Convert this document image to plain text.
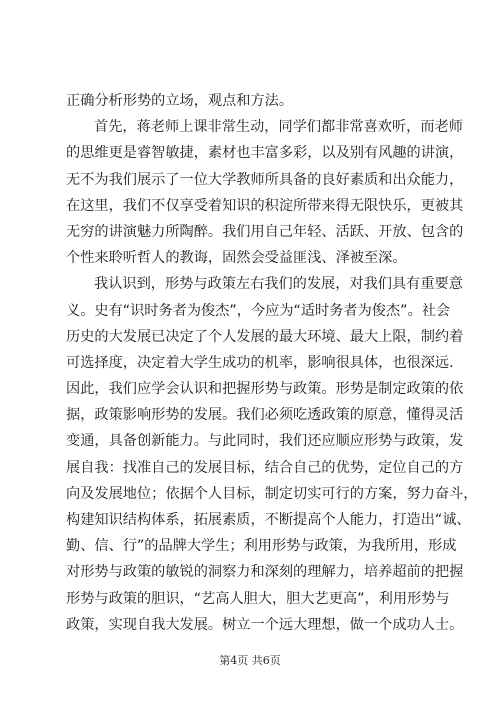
正确分析形势的立场，观点和方法。
首先，蒋老师上课非常生动，同学们都非常喜欢听，而老师
的思维更是睿智敏捷，素材也丰富多彩，以及别有风趣的讲演，
无不为我们展示了一位大学教师所具备的良好素质和出众能力，
在这里，我们不仅享受着知识的积淀所带来得无限快乐，更被其
无穷的讲演魅力所陶醉。我们用自己年轻、活跃、开放、包含的
个性来聆听哲人的教诲，固然会受益匪浅、泽被至深。
我认识到，形势与政策左右我们的发展，对我们具有重要意
义。史有“识时务者为俊杰”，今应为“适时务者为俊杰”。社会
历史的大发展已决定了个人发展的最大环境、最大上限，制约着
可选择度，决定着大学生成功的机率，影响很具体，也很深远.
因此，我们应学会认识和把握形势与政策。形势是制定政策的依
据，政策影响形势的发展。我们必须吃透政策的原意，懂得灵活
变通，具备创新能力。与此同时，我们还应顺应形势与政策，发
展自我：找准自己的发展目标，结合自己的优势，定位自己的方
向及发展地位；依据个人目标，制定切实可行的方案，努力奋斗，
构建知识结构体系，拓展素质，不断提高个人能力，打造出“诚、
勤、信、行”的品牌大学生；利用形势与政策，为我所用，形成
对形势与政策的敏锐的洞察力和深刻的理解力，培养超前的把握
形势与政策的胆识，“艺高人胆大，胆大艺更高”，利用形势与
政策，实现自我大发展。树立一个远大理想，做一个成功人士。
第4页 共6页
